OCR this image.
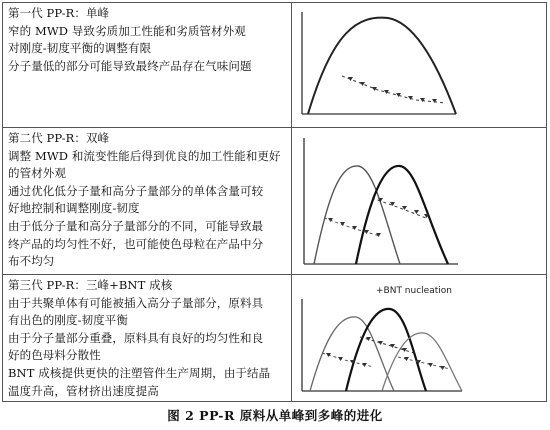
第一代 PP-R：单峰
窄的 MWD 导致劣质加工性能和劣质管材外观
对刚度-韧度平衡的调整有限
分子量低的部分可能导致最终产品存在气味问题
第二代 PP-R：双峰
调整 MWD 和流变性能后得到优良的加工性能和更好
的管材外观
通过优化低分子量和高分子量部分的单体含量可较
好地控制和调整刚度-韧度
由于低分子量和高分子量部分的不同，可能导致最
终产品的均匀性不好，也可能使色母粒在产品中分
布不均匀
第三代 PP-R：三峰+BNT 成核
由于共聚单体有可能被插入高分子量部分，原料具
有出色的刚度-韧度平衡
由于分子量部分重叠，原料具有良好的均匀性和良
好的色母料分散性
BNT 成核提供更快的注塑管件生产周期，由于结晶
温度升高，管材挤出速度提高
+BNT nucleation
图 2 PP-R 原料从单峰到多峰的进化
